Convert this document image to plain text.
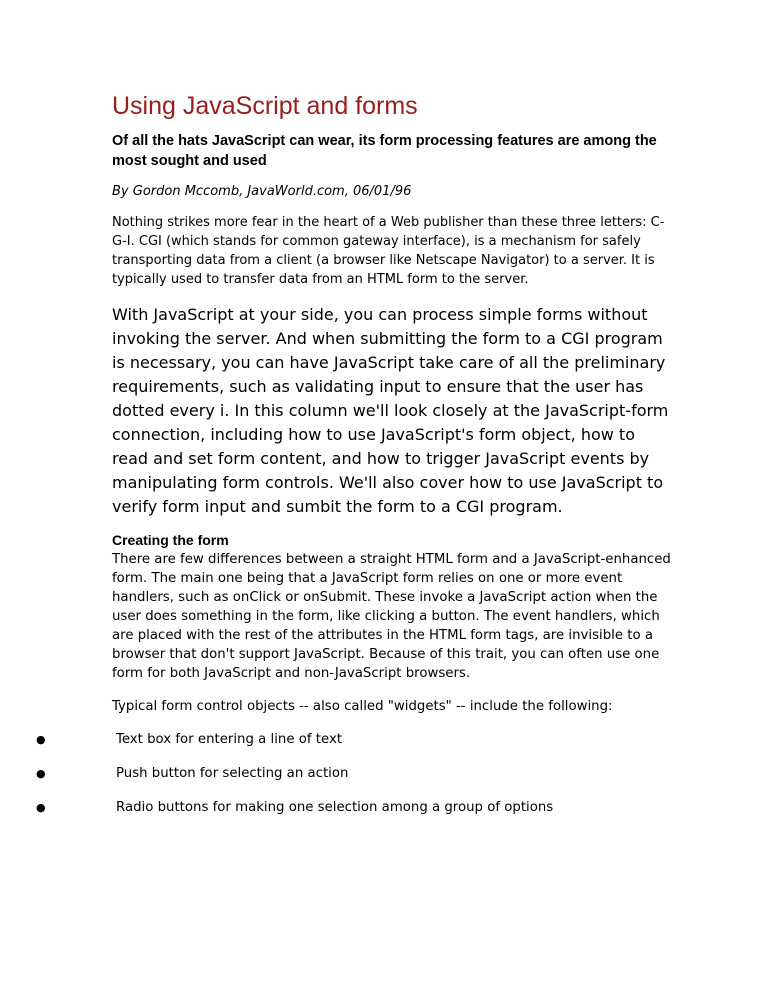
Using JavaScript and forms

Of all the hats JavaScript can wear, its form processing features are among the most sought and used

By Gordon Mccomb, JavaWorld.com, 06/01/96

Nothing strikes more fear in the heart of a Web publisher than these three letters: C-G-I. CGI (which stands for common gateway interface), is a mechanism for safely transporting data from a client (a browser like Netscape Navigator) to a server. It is typically used to transfer data from an HTML form to the server.

With JavaScript at your side, you can process simple forms without invoking the server. And when submitting the form to a CGI program is necessary, you can have JavaScript take care of all the preliminary requirements, such as validating input to ensure that the user has dotted every i. In this column we'll look closely at the JavaScript-form connection, including how to use JavaScript's form object, how to read and set form content, and how to trigger JavaScript events by manipulating form controls. We'll also cover how to use JavaScript to verify form input and sumbit the form to a CGI program.

Creating the form

There are few differences between a straight HTML form and a JavaScript-enhanced form. The main one being that a JavaScript form relies on one or more event handlers, such as onClick or onSubmit. These invoke a JavaScript action when the user does something in the form, like clicking a button. The event handlers, which are placed with the rest of the attributes in the HTML form tags, are invisible to a browser that don't support JavaScript. Because of this trait, you can often use one form for both JavaScript and non-JavaScript browsers.

Typical form control objects -- also called "widgets" -- include the following:

●	Text box for entering a line of text
●	Push button for selecting an action
●	Radio buttons for making one selection among a group of options
